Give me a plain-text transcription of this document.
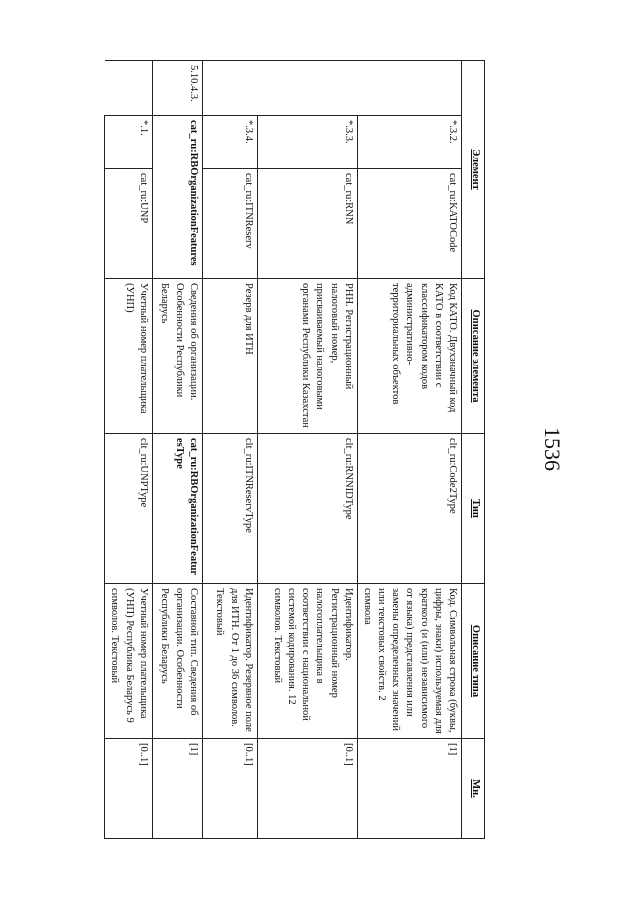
1536
Элемент			Описание элемента	Тип	Описание типа	Мн.
	*.3.2.	cat_ru:KATOCode	Код КАТО. Двухзначный код КАТО в соответствии с классификатором кодов административно-территориальных объектов	clt_ru:Code2Type	Код. Символьная строка (буквы, цифры, знаки) используемая для краткого (и (или) независимого от языка) представления или замены определенных значений или текстовых свойств. 2 символа	[1]
	*.3.3.	cat_ru:RNN	РНН. Регистрационный налоговый номер, присваиваемый налоговыми органами Республики Казахстан	clt_ru:RNNIDType	Идентификатор. Регистрационный номер налогоплательщика в соответствии с национальной системой кодирования. 12 символов. Текстовый	[0..1]
	*.3.4.	cat_ru:ITNReserv	Резерв для ИТН	clt_ru:ITNReservType	Идентификатор. Резервное поле для ИТН. От 1 до 36 символов. Текстовый	[0..1]
5.10.4.3.	cat_ru:RBOrganizationFeatures		Сведения об организации. Особенности Республики Беларусь	cat_ru:RBOrganizationFeaturesType	Составной тип. Сведения об организации. Особенности Республики Беларусь	[1]
	*.1.	cat_ru:UNP	Учетный номер плательщика (УНП)	clt_ru:UNPType	Учетный номер плательщика (УНП) Республика Беларусь 9 символов. Текстовый	[0..1]
